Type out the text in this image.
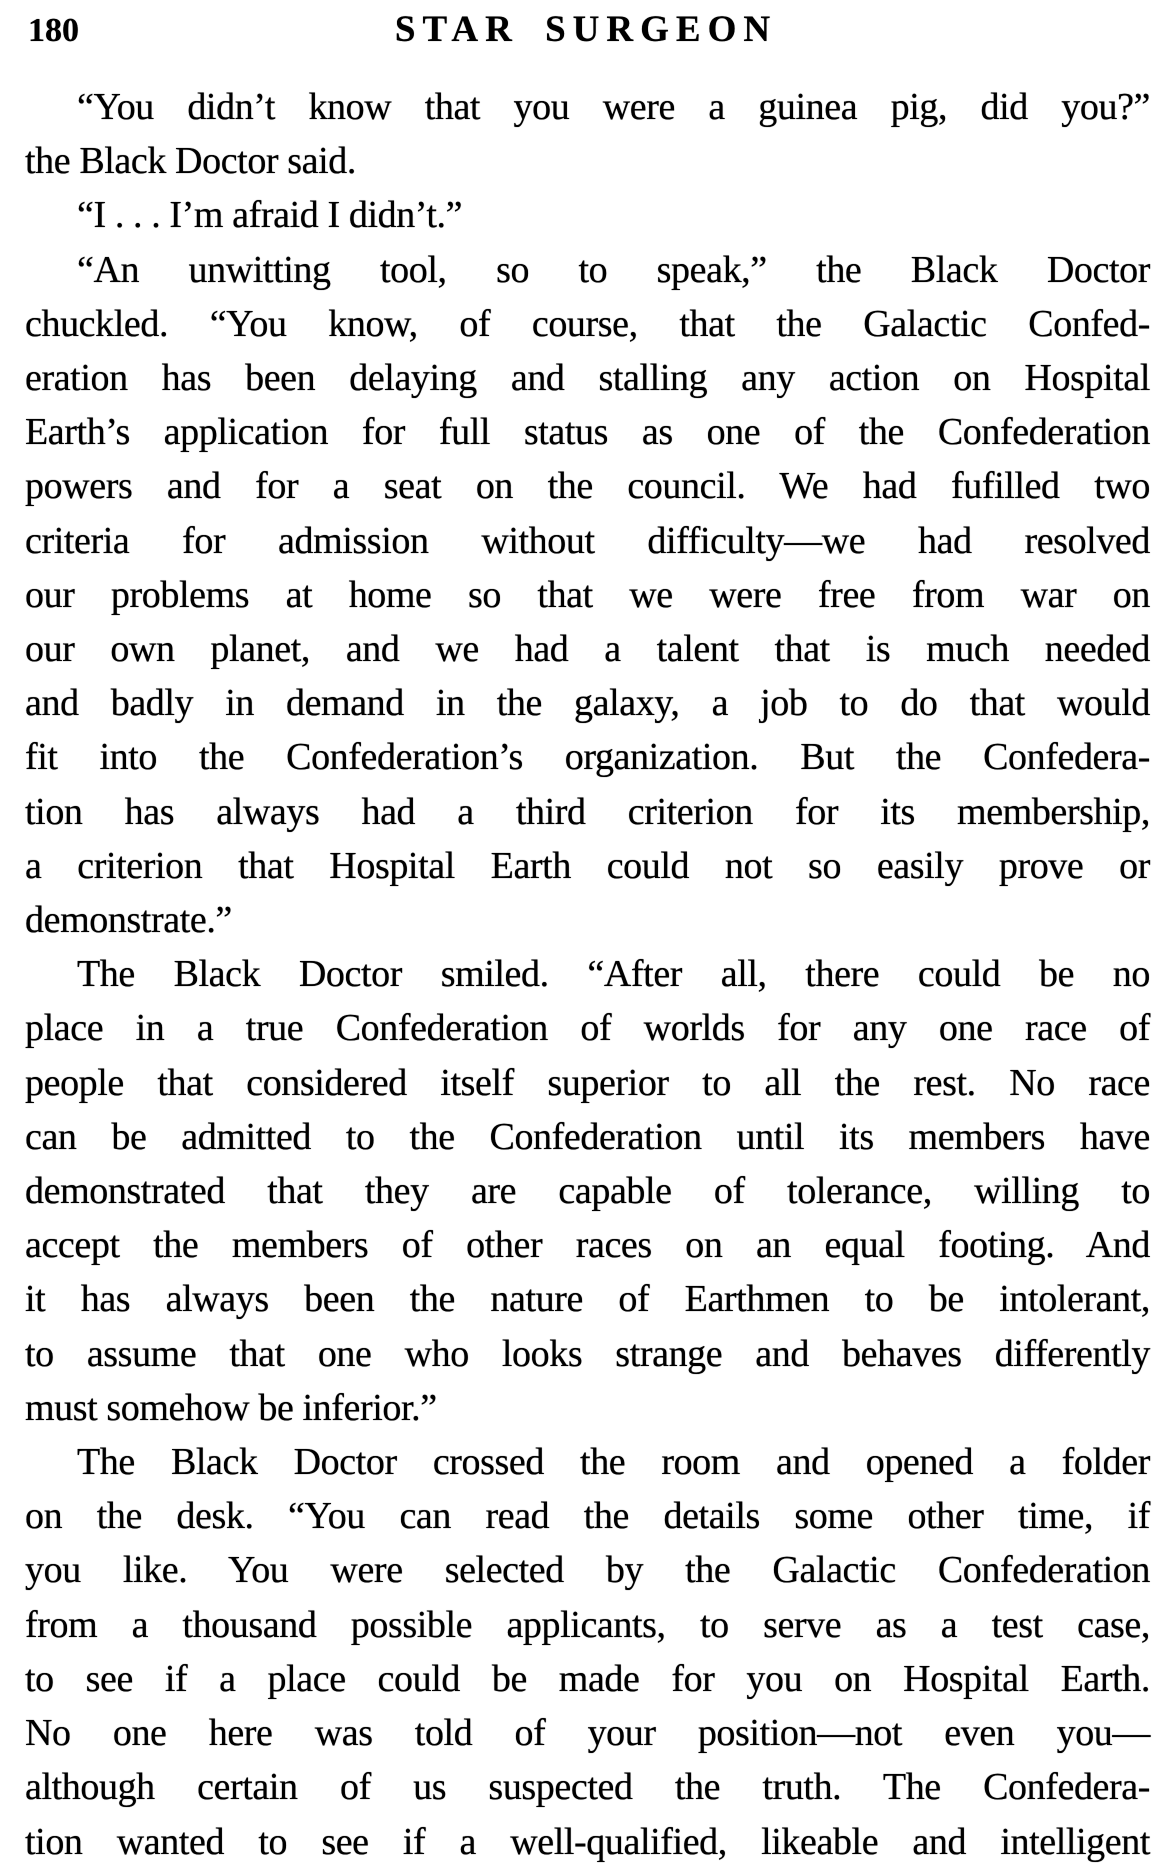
180	STAR SURGEON
“You didn’t know that you were a guinea pig, did you?”
the Black Doctor said.
“I . . . I’m afraid I didn’t.”
“An unwitting tool, so to speak,” the Black Doctor
chuckled. “You know, of course, that the Galactic Confed-
eration has been delaying and stalling any action on Hospital
Earth’s application for full status as one of the Confederation
powers and for a seat on the council. We had fufilled two
criteria for admission without difficulty—we had resolved
our problems at home so that we were free from war on
our own planet, and we had a talent that is much needed
and badly in demand in the galaxy, a job to do that would
fit into the Confederation’s organization. But the Confedera-
tion has always had a third criterion for its membership,
a criterion that Hospital Earth could not so easily prove or
demonstrate.”
The Black Doctor smiled. “After all, there could be no
place in a true Confederation of worlds for any one race of
people that considered itself superior to all the rest. No race
can be admitted to the Confederation until its members have
demonstrated that they are capable of tolerance, willing to
accept the members of other races on an equal footing. And
it has always been the nature of Earthmen to be intolerant,
to assume that one who looks strange and behaves differently
must somehow be inferior.”
The Black Doctor crossed the room and opened a folder
on the desk. “You can read the details some other time, if
you like. You were selected by the Galactic Confederation
from a thousand possible applicants, to serve as a test case,
to see if a place could be made for you on Hospital Earth.
No one here was told of your position—not even you—
although certain of us suspected the truth. The Confedera-
tion wanted to see if a well-qualified, likeable and intelligent
